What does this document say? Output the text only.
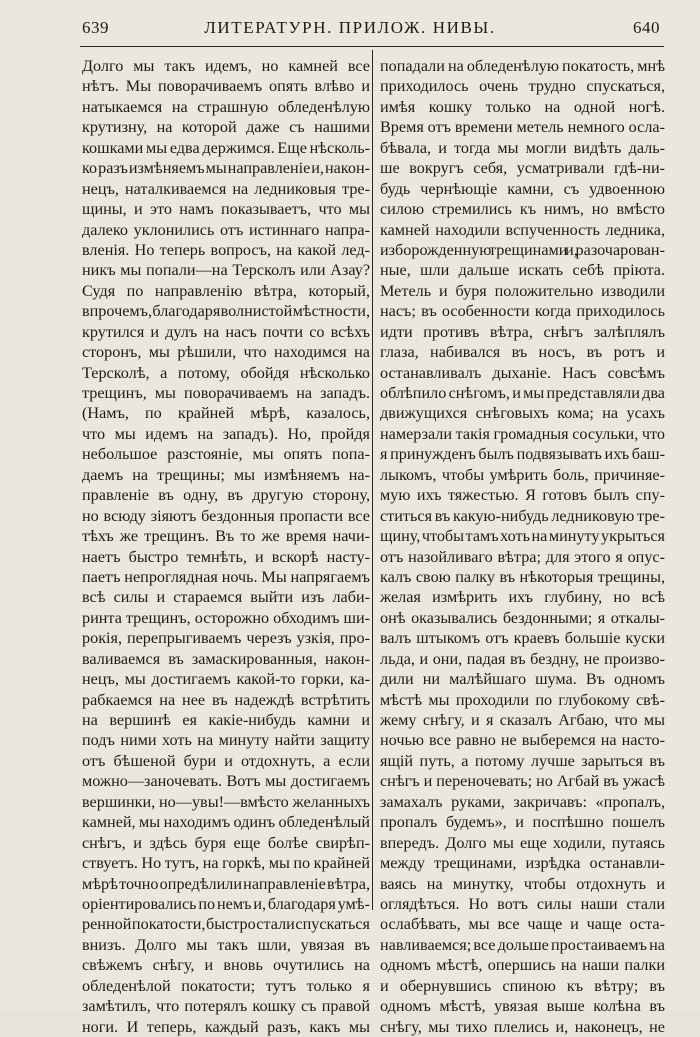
639	ЛИТЕРАТУРН. ПРИЛОЖ. НИВЫ.	640
Долго мы такъ идемъ, но камней все
нѣтъ. Мы поворачиваемъ опять влѣво и
натыкаемся на страшную обледенѣлую
крутизну, на которой даже съ нашими
кошками мы едва держимся. Еще нѣсколь-
ко разъ измѣняемъ мы направленіе и, након-
нецъ, наталкиваемся на ледниковыя тре-
щины, и это намъ показываетъ, что мы
далеко уклонились отъ истиннаго напра-
вленія. Но теперь вопросъ, на какой лед-
никъ мы попали—на Терсколъ или Азау?
Судя по направленію вѣтра, который,
впрочемъ, благодаря волнистой мѣстности,
крутился и дулъ на насъ почти со всѣхъ
сторонъ, мы рѣшили, что находимся на
Терсколѣ, а потому, обойдя нѣсколько
трещинъ, мы поворачиваемъ на западъ.
(Намъ, по крайней мѣрѣ, казалось,
что мы идемъ на западъ). Но, пройдя
небольшое разстояніе, мы опять попа-
даемъ на трещины; мы измѣняемъ на-
правленіе въ одну, въ другую сторону,
но всюду зіяютъ бездонныя пропасти все
тѣхъ же трещинъ. Въ то же время начи-
наетъ быстро темнѣть, и вскорѣ насту-
паетъ непроглядная ночь. Мы напрягаемъ
всѣ силы и стараемся выйти изъ лаби-
ринта трещинъ, осторожно обходимъ ши-
рокія, перепрыгиваемъ черезъ узкія, про-
валиваемся въ замаскированныя, након-
нецъ, мы достигаемъ какой-то горки, ка-
рабкаемся на нее въ надеждѣ встрѣтить
на вершинѣ ея какіе-нибудь камни и
подъ ними хоть на минуту найти защиту
отъ бѣшеной бури и отдохнуть, а если
можно—заночевать. Вотъ мы достигаемъ
вершинки, но—увы!—вмѣсто желанныхъ
камней, мы находимъ одинъ обледенѣлый
снѣгъ, и здѣсь буря еще болѣе свирѣп-
ствуетъ. Но тутъ, на горкѣ, мы по крайней
мѣрѣ точно опредѣлили направленіе вѣтра,
оріентировались по немъ и, благодаря умѣ-
ренной покатости, быстро стали спускаться
внизъ. Долго мы такъ шли, увязая въ
свѣжемъ снѣгу, и вновь очутились на
обледенѣлой покатости; тутъ только я
замѣтилъ, что потерялъ кошку съ правой
ноги. И теперь, каждый разъ, какъ мы
попадали на обледенѣлую покатость, мнѣ
приходилось очень трудно спускаться,
имѣя кошку только на одной ногѣ.
Время отъ времени метель немного осла-
бѣвала, и тогда мы могли видѣть даль-
ше вокругъ себя, усматривали гдѣ-ни-
будь чернѣющіе камни, съ удвоенною
силою стремились къ нимъ, но вмѣсто
камней находили вспученность ледника,
изборожденную трещинами и, разочарован-
ные, шли дальше искать себѣ пріюта.
Метель и буря положительно изводили
насъ; въ особенности когда приходилось
идти противъ вѣтра, снѣгъ залѣплялъ
глаза, набивался въ носъ, въ ротъ и
останавливалъ дыханіе. Насъ совсѣмъ
облѣпило снѣгомъ, и мы представляли два
движущихся снѣговыхъ кома; на усахъ
намерзали такія громадныя сосульки, что
я принужденъ былъ подвязывать ихъ баш-
лыкомъ, чтобы умѣрить боль, причиняе-
мую ихъ тяжестью. Я готовъ былъ спу-
ститься въ какую-нибудь ледниковую тре-
щину, чтобы тамъ хоть на минуту укрыться
отъ назойливаго вѣтра; для этого я опус-
калъ свою палку въ нѣкоторыя трещины,
желая измѣрить ихъ глубину, но всѣ
онѣ оказывались бездонными; я откалы-
валъ штыкомъ отъ краевъ большіе куски
льда, и они, падая въ бездну, не произво-
дили ни малѣйшаго шума. Въ одномъ
мѣстѣ мы проходили по глубокому свѣ-
жему снѣгу, и я сказалъ Агбаю, что мы
ночью все равно не выберемся на насто-
ящій путь, а потому лучше зарыться въ
снѣгъ и переночевать; но Агбай въ ужасѣ
замахалъ руками, закричавъ: «пропалъ,
пропалъ будемъ», и поспѣшно пошелъ
впередъ. Долго мы еще ходили, путаясь
между трещинами, изрѣдка останавли-
ваясь на минутку, чтобы отдохнуть и
оглядѣться. Но вотъ силы наши стали
ослабѣвать, мы все чаще и чаще оста-
навливаемся; все дольше простаиваемъ на
одномъ мѣстѣ, опершись на наши палки
и обернувшись спиною къ вѣтру; въ
одномъ мѣстѣ, увязая выше колѣна въ
снѣгу, мы тихо плелись и, наконецъ, не
